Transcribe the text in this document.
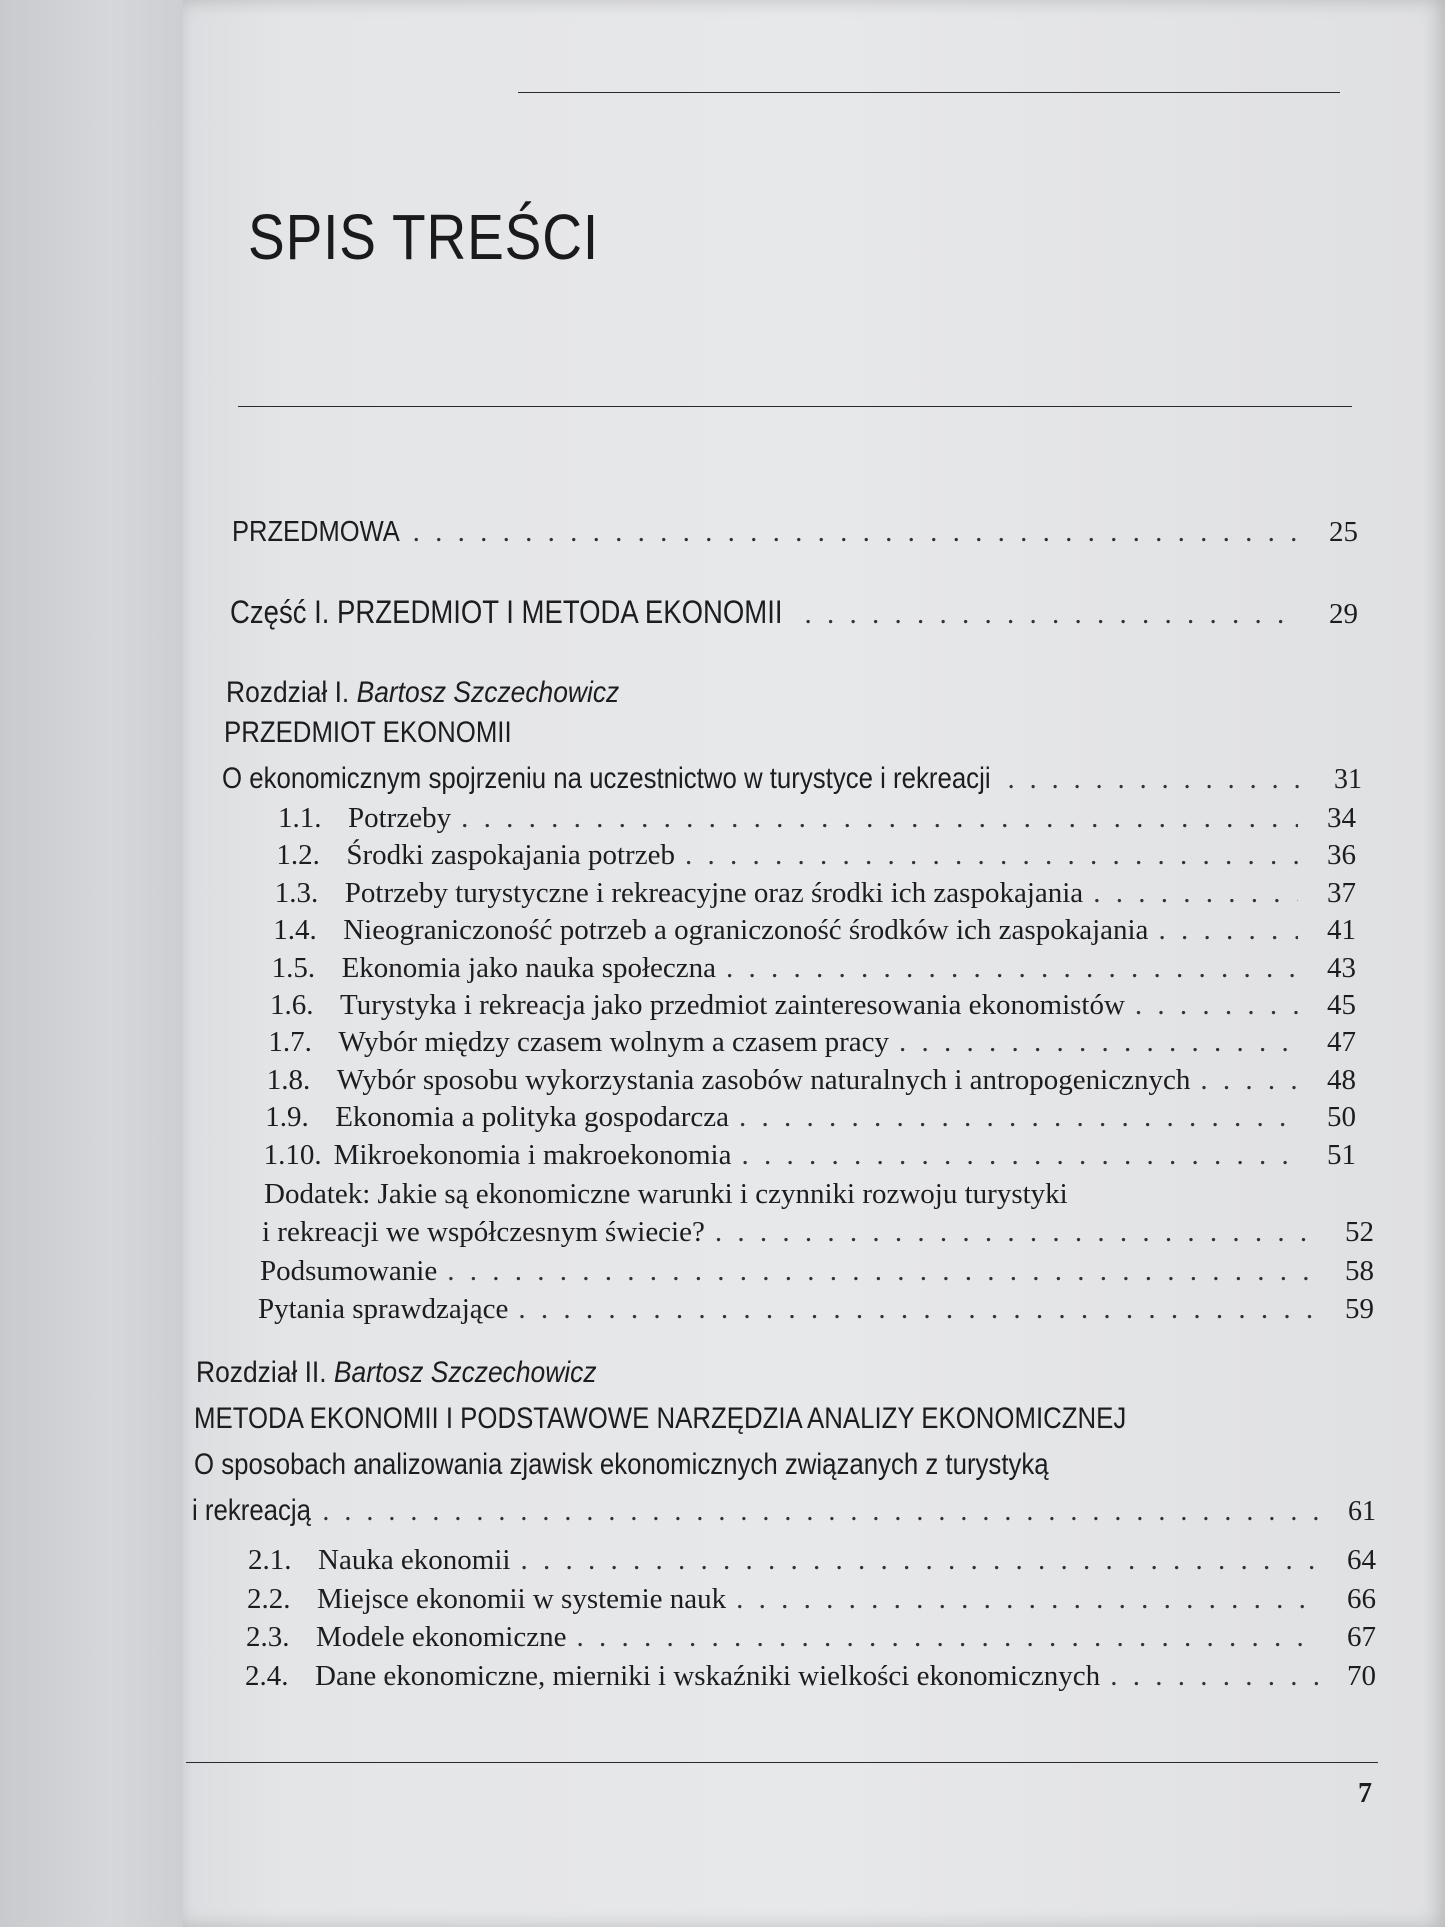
SPIS TREŚCI
PRZEDMOWA . . .	25
Część I. PRZEDMIOT I METODA EKONOMII . . .	29
Rozdział I. Bartosz Szczechowicz
PRZEDMIOT EKONOMII
O ekonomicznym spojrzeniu na uczestnictwo w turystyce i rekreacji . . .	31
1.1. Potrzeby . . .	34
1.2. Środki zaspokajania potrzeb . . .	36
1.3. Potrzeby turystyczne i rekreacyjne oraz środki ich zaspokajania . . .	37
1.4. Nieograniczoność potrzeb a ograniczoność środków ich zaspokajania . . .	41
1.5. Ekonomia jako nauka społeczna . . .	43
1.6. Turystyka i rekreacja jako przedmiot zainteresowania ekonomistów . . .	45
1.7. Wybór między czasem wolnym a czasem pracy . . .	47
1.8. Wybór sposobu wykorzystania zasobów naturalnych i antropogenicznych . . .	48
1.9. Ekonomia a polityka gospodarcza . . .	50
1.10. Mikroekonomia i makroekonomia . . .	51
Dodatek: Jakie są ekonomiczne warunki i czynniki rozwoju turystyki
i rekreacji we współczesnym świecie? . . .	52
Podsumowanie . . .	58
Pytania sprawdzające . . .	59
Rozdział II. Bartosz Szczechowicz
METODA EKONOMII I PODSTAWOWE NARZĘDZIA ANALIZY EKONOMICZNEJ
O sposobach analizowania zjawisk ekonomicznych związanych z turystyką
i rekreacją . . .	61
2.1. Nauka ekonomii . . .	64
2.2. Miejsce ekonomii w systemie nauk . . .	66
2.3. Modele ekonomiczne . . .	67
2.4. Dane ekonomiczne, mierniki i wskaźniki wielkości ekonomicznych . . .	70
7
